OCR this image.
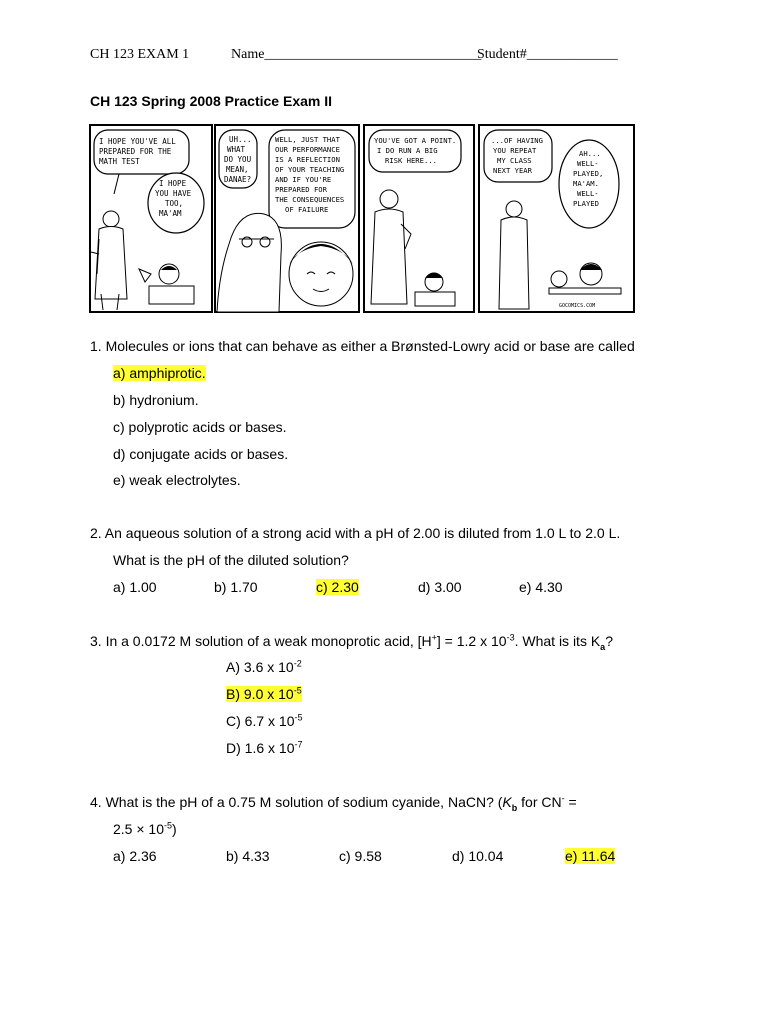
CH 123 EXAM 1	Name_______________________________
Student#_____________
CH 123 Spring 2008 Practice Exam II
I HOPE YOU'VE ALL PREPARED FOR THE MATH TEST
I HOPE YOU HAVE TOO, MA'AM
UH... WHAT DO YOU MEAN, DANAE?
WELL, JUST THAT OUR PERFORMANCE IS A REFLECTION OF YOUR TEACHING AND IF YOU'RE PREPARED FOR THE CONSEQUENCES OF FAILURE
YOU'VE GOT A POINT. I DO RUN A BIG RISK HERE...
...OF HAVING YOU REPEAT MY CLASS NEXT YEAR
AH... WELL- PLAYED, MA'AM. WELL- PLAYED
GOCOMICS.COM
1. Molecules or ions that can behave as either a Brønsted-Lowry acid or base are called
a) amphiprotic.
b) hydronium.
c) polyprotic acids or bases.
d) conjugate acids or bases.
e) weak electrolytes.
2. An aqueous solution of a strong acid with a pH of 2.00 is diluted from 1.0 L to 2.0 L.
What is the pH of the diluted solution?
a) 1.00	b) 1.70	c) 2.30	d) 3.00	e) 4.30
3. In a 0.0172 M solution of a weak monoprotic acid, [H+] = 1.2 x $10^{-3}$. What is its $K_a$?
A) 3.6 x $10^{-2}$
B) 9.0 x $10^{-5}$
C) 6.7 x $10^{-5}$
D) 1.6 x $10^{-7}$
4. What is the pH of a 0.75 M solution of sodium cyanide, NaCN? ($K_b$ for CN- =
$2.5 \times 10^{-5}$)
a) 2.36	b) 4.33	c) 9.58	d) 10.04	e) 11.64
